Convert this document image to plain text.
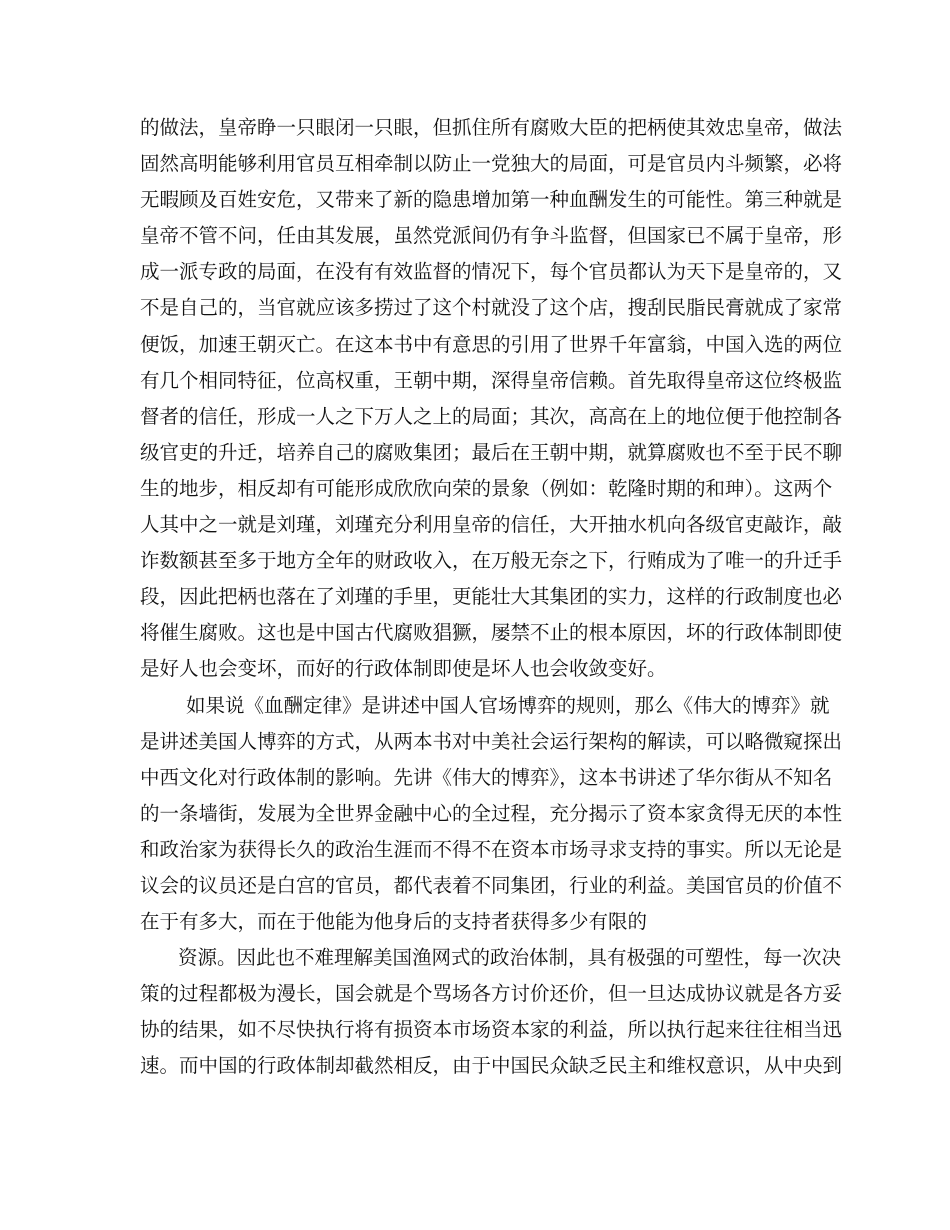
的做法，皇帝睁一只眼闭一只眼，但抓住所有腐败大臣的把柄使其效忠皇帝，做法
固然高明能够利用官员互相牵制以防止一党独大的局面，可是官员内斗频繁，必将
无暇顾及百姓安危，又带来了新的隐患增加第一种血酬发生的可能性。第三种就是
皇帝不管不问，任由其发展，虽然党派间仍有争斗监督，但国家已不属于皇帝，形
成一派专政的局面，在没有有效监督的情况下，每个官员都认为天下是皇帝的，又
不是自己的，当官就应该多捞过了这个村就没了这个店，搜刮民脂民膏就成了家常
便饭，加速王朝灭亡。在这本书中有意思的引用了世界千年富翁，中国入选的两位
有几个相同特征，位高权重，王朝中期，深得皇帝信赖。首先取得皇帝这位终极监
督者的信任，形成一人之下万人之上的局面；其次，高高在上的地位便于他控制各
级官吏的升迁，培养自己的腐败集团；最后在王朝中期，就算腐败也不至于民不聊
生的地步，相反却有可能形成欣欣向荣的景象（例如：乾隆时期的和珅）。这两个
人其中之一就是刘瑾，刘瑾充分利用皇帝的信任，大开抽水机向各级官吏敲诈，敲
诈数额甚至多于地方全年的财政收入，在万般无奈之下，行贿成为了唯一的升迁手
段，因此把柄也落在了刘瑾的手里，更能壮大其集团的实力，这样的行政制度也必
将催生腐败。这也是中国古代腐败猖獗，屡禁不止的根本原因，坏的行政体制即使
是好人也会变坏，而好的行政体制即使是坏人也会收敛变好。
如果说《血酬定律》是讲述中国人官场博弈的规则，那么《伟大的博弈》就
是讲述美国人博弈的方式，从两本书对中美社会运行架构的解读，可以略微窥探出
中西文化对行政体制的影响。先讲《伟大的博弈》，这本书讲述了华尔街从不知名
的一条墙街，发展为全世界金融中心的全过程，充分揭示了资本家贪得无厌的本性
和政治家为获得长久的政治生涯而不得不在资本市场寻求支持的事实。所以无论是
议会的议员还是白宫的官员，都代表着不同集团，行业的利益。美国官员的价值不
在于有多大，而在于他能为他身后的支持者获得多少有限的
资源。因此也不难理解美国渔网式的政治体制，具有极强的可塑性，每一次决
策的过程都极为漫长，国会就是个骂场各方讨价还价，但一旦达成协议就是各方妥
协的结果，如不尽快执行将有损资本市场资本家的利益，所以执行起来往往相当迅
速。而中国的行政体制却截然相反，由于中国民众缺乏民主和维权意识，从中央到
